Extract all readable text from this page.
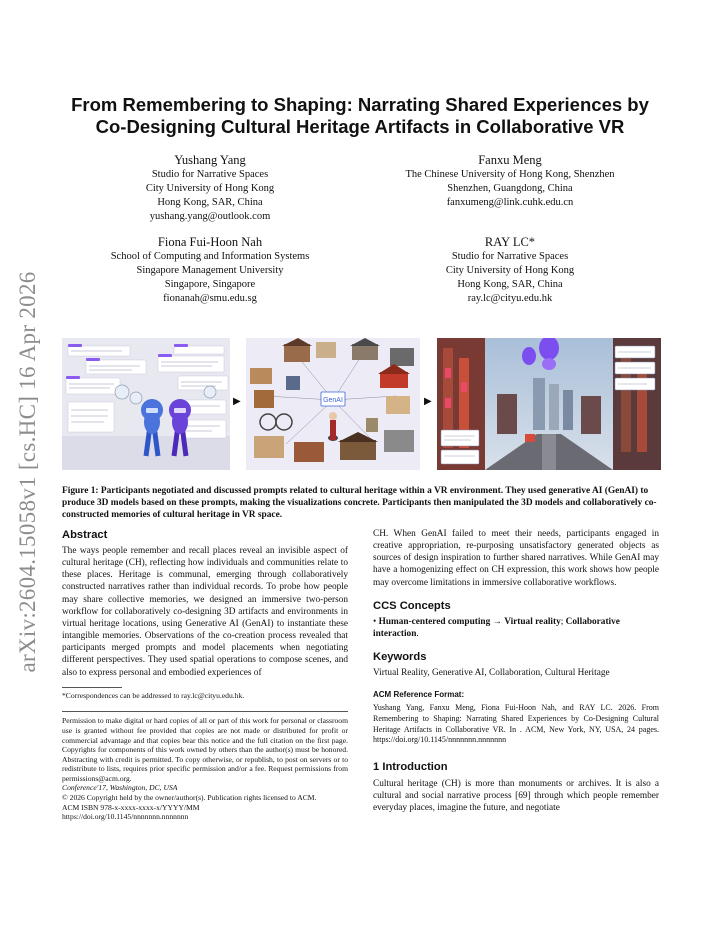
arXiv:2604.15058v1 [cs.HC] 16 Apr 2026
From Remembering to Shaping: Narrating Shared Experiences by
Co-Designing Cultural Heritage Artifacts in Collaborative VR
Yushang Yang
Studio for Narrative Spaces
City University of Hong Kong
Hong Kong, SAR, China
yushang.yang@outlook.com
Fanxu Meng
The Chinese University of Hong Kong, Shenzhen
Shenzhen, Guangdong, China
fanxumeng@link.cuhk.edu.cn
Fiona Fui-Hoon Nah
School of Computing and Information Systems
Singapore Management University
Singapore, Singapore
fionanah@smu.edu.sg
RAY LC*
Studio for Narrative Spaces
City University of Hong Kong
Hong Kong, SAR, China
ray.lc@cityu.edu.hk
▶	GenAI	▶

Figure 1: Participants negotiated and discussed prompts related to cultural heritage within a VR environment. They used generative AI (GenAI) to produce 3D models based on these prompts, making the visualizations concrete. Participants then manipulated the 3D models and collaboratively co-constructed memories of cultural heritage in VR space.

Abstract

The ways people remember and recall places reveal an invisible aspect of cultural heritage (CH), reflecting how individuals and communities relate to these places. Heritage is communal, emerging through collaboratively constructed narratives rather than individual records. To probe how people may share collective memories, we designed an immersive two-person workflow for collaboratively co-designing 3D artifacts and environments in virtual heritage locations, using Generative AI (GenAI) to instantiate these intangible memories. Observations of the co-creation process revealed that participants merged prompts and model placements when negotiating different perspectives. They used spatial operations to compose scenes, and also to express personal and embodied experiences of

*Correspondences can be addressed to ray.lc@cityu.edu.hk.

Permission to make digital or hard copies of all or part of this work for personal or classroom use is granted without fee provided that copies are not made or distributed for profit or commercial advantage and that copies bear this notice and the full citation on the first page. Copyrights for components of this work owned by others than the author(s) must be honored. Abstracting with credit is permitted. To copy otherwise, or republish, to post on servers or to redistribute to lists, requires prior specific permission and/or a fee. Request permissions from permissions@acm.org.

Conference'17, Washington, DC, USA

© 2026 Copyright held by the owner/author(s). Publication rights licensed to ACM.

ACM ISBN 978-x-xxxx-xxxx-x/YYYY/MM

https://doi.org/10.1145/nnnnnnn.nnnnnnn

CH. When GenAI failed to meet their needs, participants engaged in creative appropriation, re-purposing unsatisfactory generated objects as sources of design inspiration to further shared narratives. While GenAI may have a homogenizing effect on CH expression, this work shows how people may overcome limitations in immersive collaborative workflows.

CCS Concepts

• Human-centered computing → Virtual reality; Collaborative interaction.

Keywords

Virtual Reality, Generative AI, Collaboration, Cultural Heritage

ACM Reference Format:

Yushang Yang, Fanxu Meng, Fiona Fui-Hoon Nah, and RAY LC. 2026. From Remembering to Shaping: Narrating Shared Experiences by Co-Designing Cultural Heritage Artifacts in Collaborative VR. In . ACM, New York, NY, USA, 24 pages. https://doi.org/10.1145/nnnnnnn.nnnnnnn

1 Introduction

Cultural heritage (CH) is more than monuments or archives. It is also a cultural and social narrative process [69] through which people remember everyday places, imagine the future, and negotiate
